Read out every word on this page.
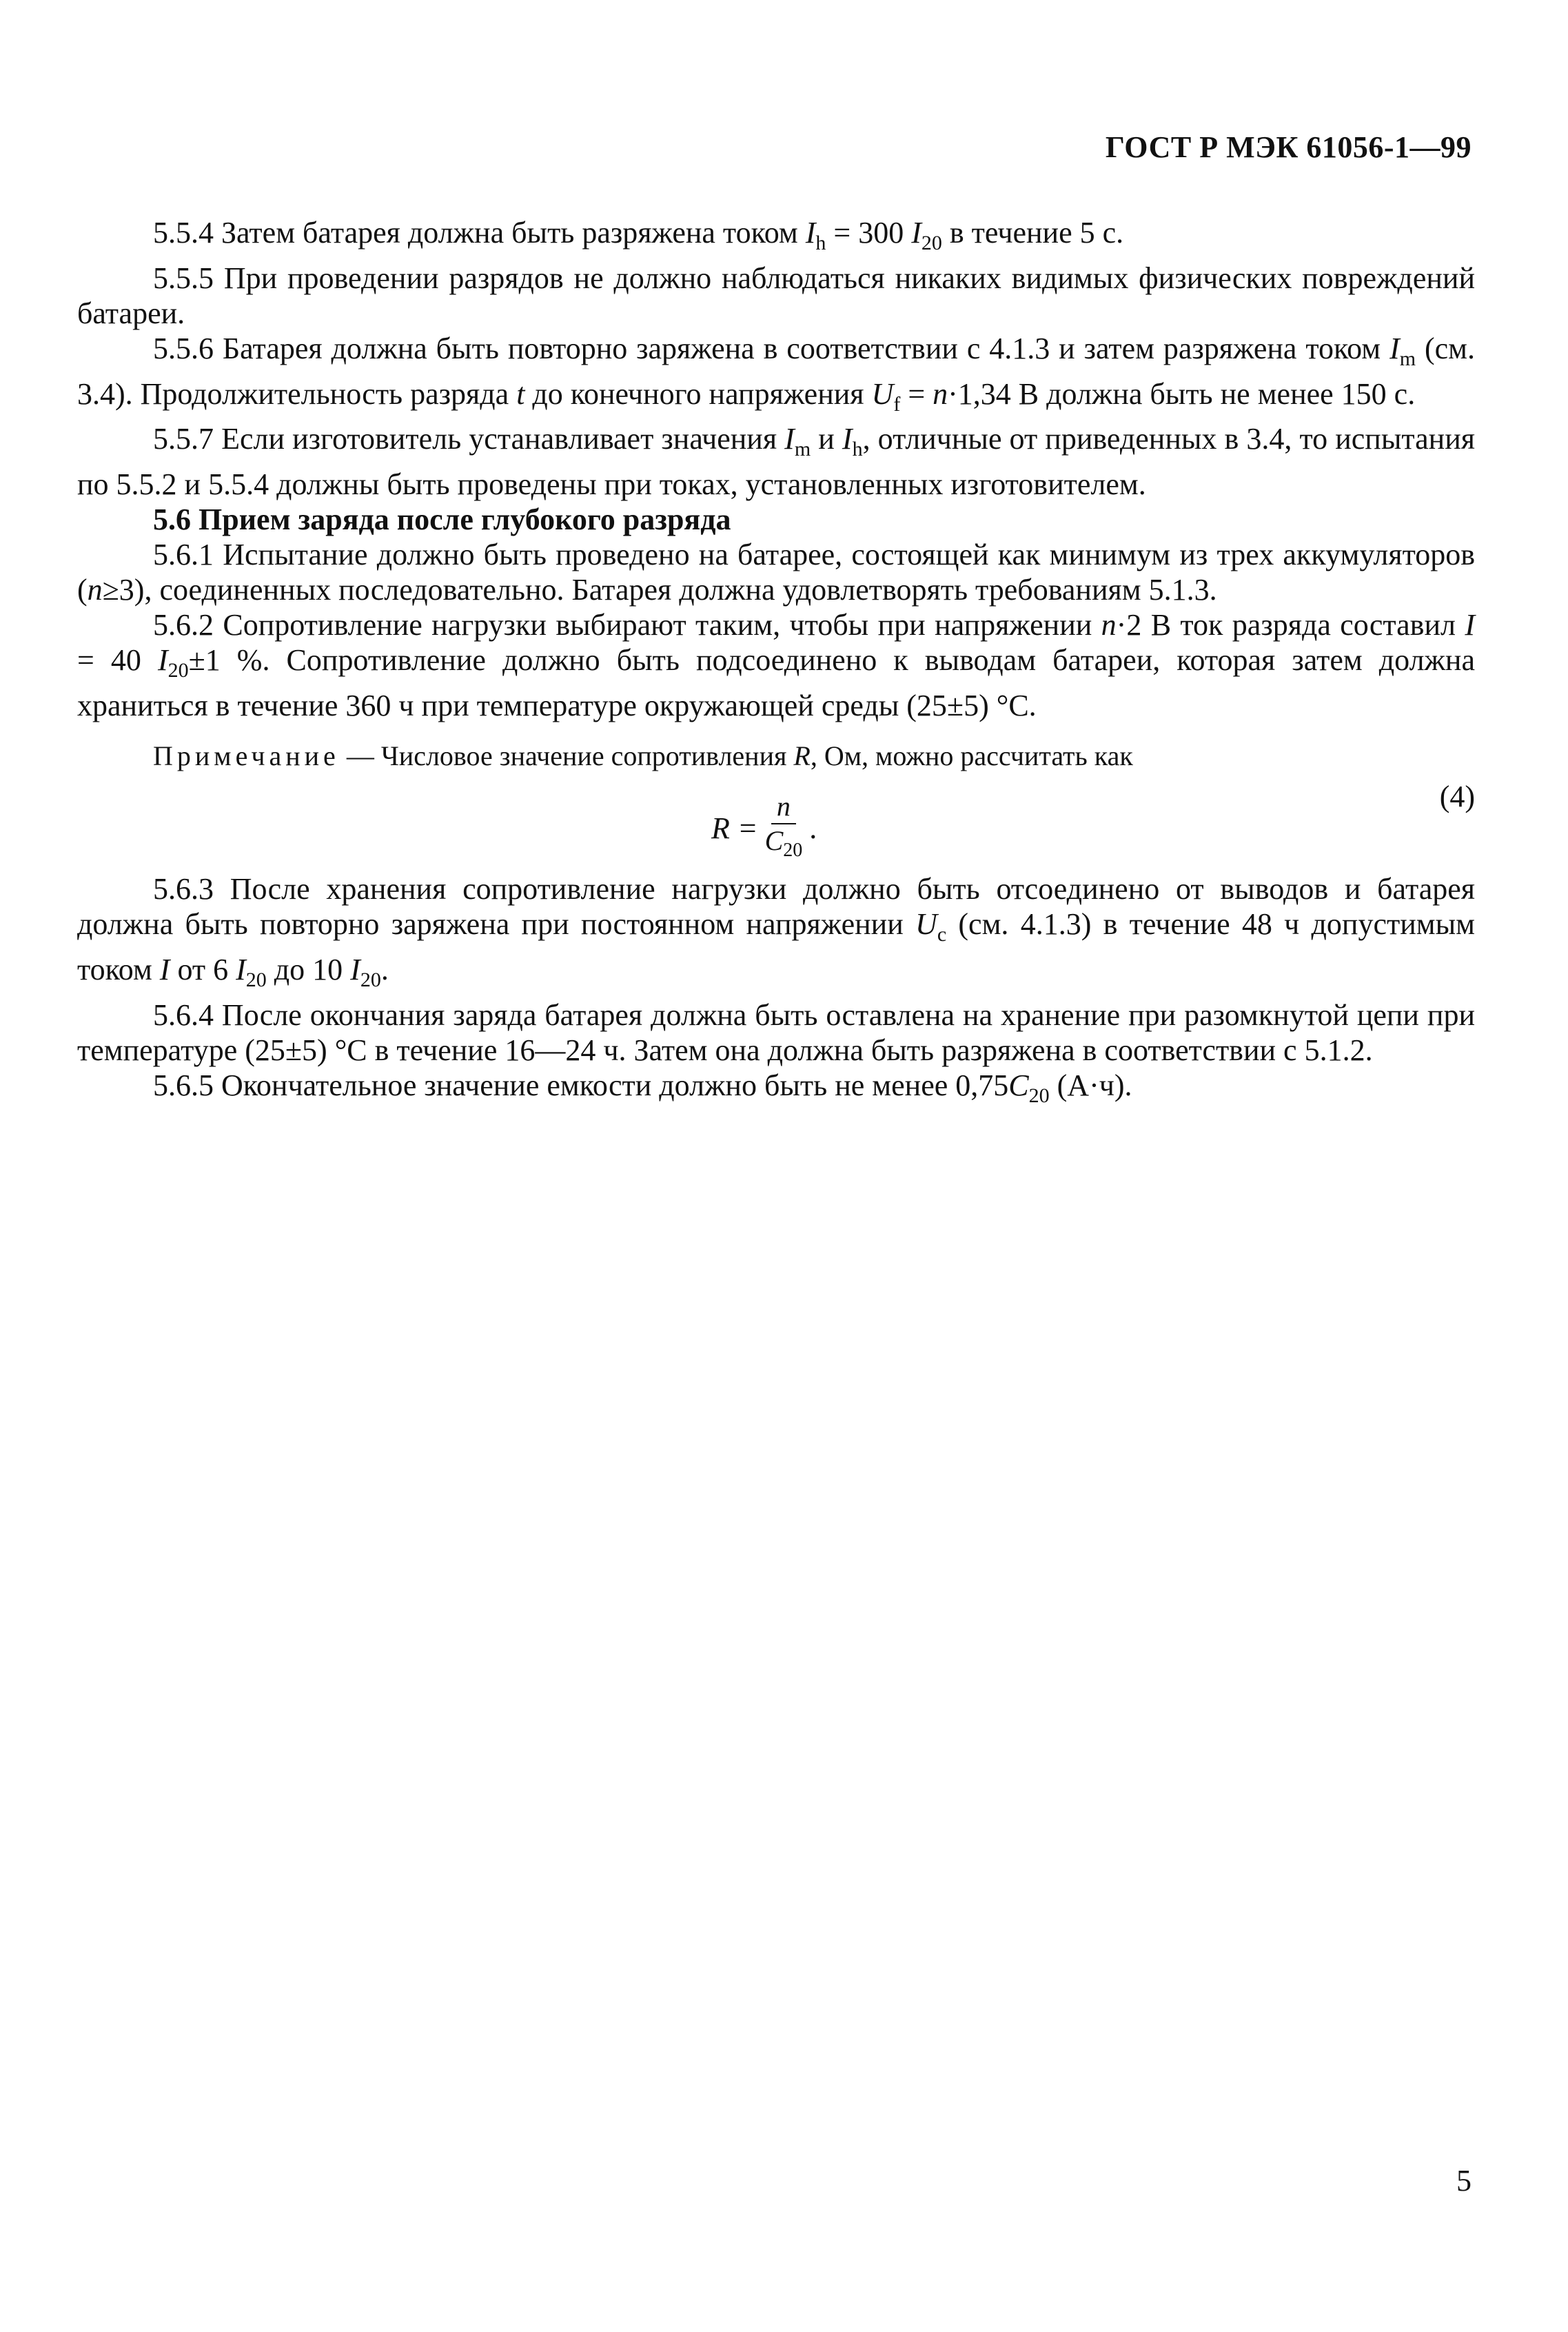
ГОСТ Р МЭК 61056-1—99

5.5.4 Затем батарея должна быть разряжена током $I_h = 300$ $I_{20}$ в течение 5 с.

5.5.5 При проведении разрядов не должно наблюдаться никаких видимых физических повреждений батареи.

5.5.6 Батарея должна быть повторно заряжена в соответствии с 4.1.3 и затем разряжена током $I_m$ (см. 3.4). Продолжительность разряда t до конечного напряжения $U_f = n\cdot 1,34$ В должна быть не менее 150 с.

5.5.7 Если изготовитель устанавливает значения $I_m$ и $I_h$, отличные от приведенных в 3.4, то испытания по 5.5.2 и 5.5.4 должны быть проведены при токах, установленных изготовителем.

5.6 Прием заряда после глубокого разряда

5.6.1 Испытание должно быть проведено на батарее, состоящей как минимум из трех аккумуляторов (n≥3), соединенных последовательно. Батарея должна удовлетворять требованиям 5.1.3.

5.6.2 Сопротивление нагрузки выбирают таким, чтобы при напряжении n·2 В ток разряда составил I = 40 $I_{20}\pm 1$ %. Сопротивление должно быть подсоединено к выводам батареи, которая затем должна храниться в течение 360 ч при температуре окружающей среды (25±5) °С.

Примечание — Числовое значение сопротивления R, Ом, можно рассчитать как

$R = \frac{n}{C_{20}}$ .
(4)

5.6.3 После хранения сопротивление нагрузки должно быть отсоединено от выводов и батарея должна быть повторно заряжена при постоянном напряжении $U_c$ (см. 4.1.3) в течение 48 ч допустимым током I от 6 $I_{20}$ до 10 $I_{20}$.

5.6.4 После окончания заряда батарея должна быть оставлена на хранение при разомкнутой цепи при температуре (25±5) °С в течение 16—24 ч. Затем она должна быть разряжена в соответствии с 5.1.2.

5.6.5 Окончательное значение емкости должно быть не менее $0,75C_{20}$ (А·ч).

5
